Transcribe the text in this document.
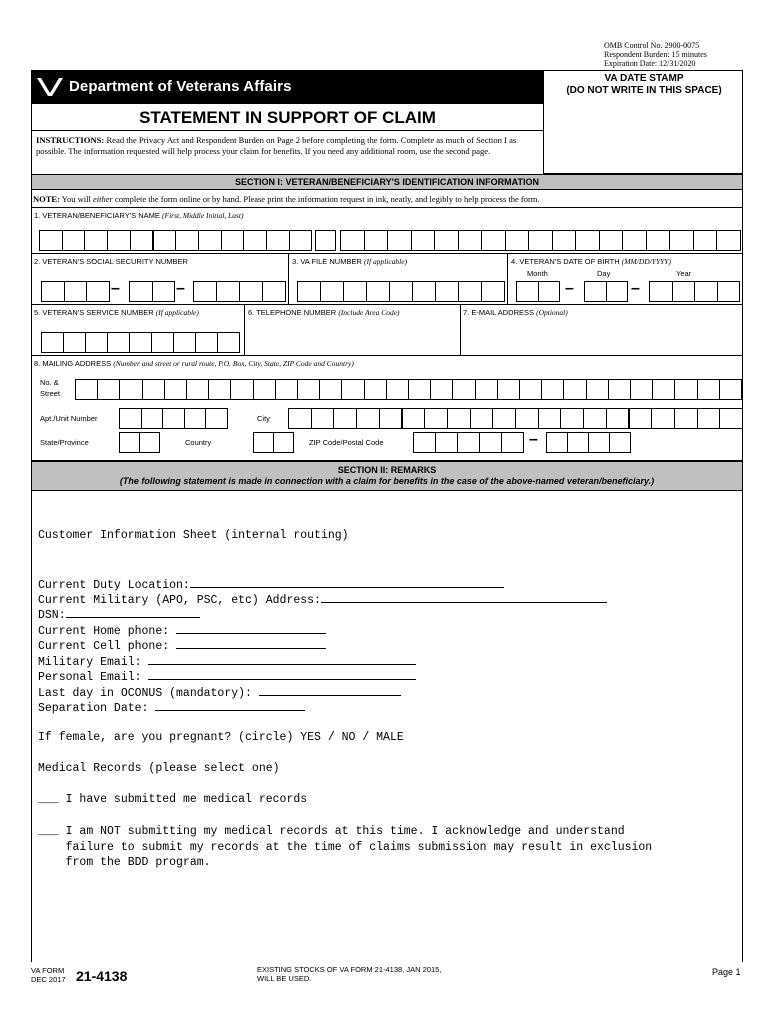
OMB Control No. 2900-0075
Respondent Burden: 15 minutes
Expiration Date: 12/31/2020
Department of Veterans Affairs	VA DATE STAMP
(DO NOT WRITE IN THIS SPACE)
STATEMENT IN SUPPORT OF CLAIM
INSTRUCTIONS: Read the Privacy Act and Respondent Burden on Page 2 before completing the form. Complete as much of Section I as possible. The information requested will help process your claim for benefits. If you need any additional room, use the second page.
SECTION I: VETERAN/BENEFICIARY'S IDENTIFICATION INFORMATION
NOTE: You will either complete the form online or by hand. Please print the information request in ink, neatly, and legibly to help process the form.
1. VETERAN/BENEFICIARY'S NAME (First, Middle Initial, Last)
2. VETERAN'S SOCIAL SECURITY NUMBER	3. VA FILE NUMBER (If applicable)	4. VETERAN'S DATE OF BIRTH (MM/DD/YYYY)
Month	Day	Year
–	–	–	–
5. VETERAN'S SERVICE NUMBER (If applicable)	6. TELEPHONE NUMBER (Include Area Code)	7. E-MAIL ADDRESS (Optional)
8. MAILING ADDRESS (Number and street or rural route, P.O. Box, City, State, ZIP Code and Country)
No. &
Street
Apt./Unit Number	City
State/Province	Country	ZIP Code/Postal Code	–
SECTION II: REMARKS
(The following statement is made in connection with a claim for benefits in the case of the above-named veteran/beneficiary.)
Customer Information Sheet (internal routing)
Current Duty Location:
Current Military (APO, PSC, etc) Address:
DSN:
Current Home phone:
Current Cell phone:
Military Email:
Personal Email:
Last day in OCONUS (mandatory):
Separation Date:
If female, are you pregnant? (circle) YES / NO / MALE
Medical Records (please select one)
___ I have submitted me medical records
___ I am NOT submitting my medical records at this time. I acknowledge and understand
failure to submit my records at the time of claims submission may result in exclusion
from the BDD program.
VA FORM
DEC 2017 21-4138	EXISTING STOCKS OF VA FORM 21-4138, JAN 2015,
WILL BE USED.
Page 1
